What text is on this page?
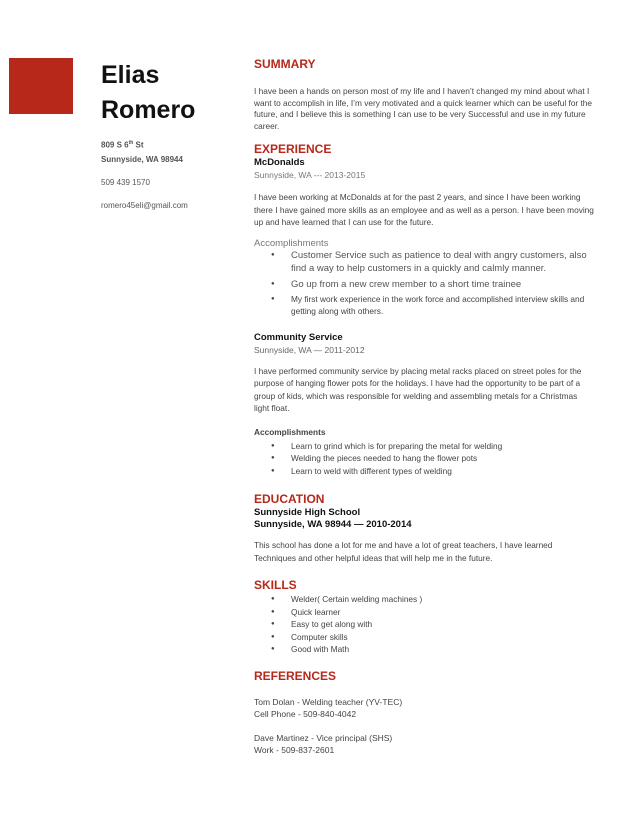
Elias
Romero
809 S 6th St
Sunnyside, WA 98944
509 439 1570
romero45eli@gmail.com
SUMMARY

I have been a hands on person most of my life and I haven’t changed my mind about what I want to accomplish in life, I’m very motivated and a quick learner which can be useful for the future, and I believe this is something I can use to be very Successful and use in my future career.

EXPERIENCE
McDonalds
Sunnyside, WA --- 2013-2015

I have been working at McDonalds at for the past 2 years, and since I have been working there I have gained more skills as an employee and as well as a person. I have been moving up and have learned that I can use for the future.

Accomplishments
● Customer Service such as patience to deal with angry customers, also find a way to help customers in a quickly and calmly manner.
● Go up from a new crew member to a short time trainee
● My first work experience in the work force and accomplished interview skills and getting along with others.
Community Service
Sunnyside, WA — 2011-2012

I have performed community service by placing metal racks placed on street poles for the purpose of hanging flower pots for the holidays. I have had the opportunity to be part of a group of kids, which was responsible for welding and assembling metals for a Christmas light float.

Accomplishments
● Learn to grind which is for preparing the metal for welding
● Welding the pieces needed to hang the flower pots
● Learn to weld with different types of welding
EDUCATION
Sunnyside High School
Sunnyside, WA 98944 — 2010-2014

This school has done a lot for me and have a lot of great teachers, I have learned Techniques and other helpful ideas that will help me in the future.

SKILLS
● Welder( Certain welding machines )
● Quick learner
● Easy to get along with
● Computer skills
● Good with Math
REFERENCES
Tom Dolan - Welding teacher (YV-TEC)
Cell Phone - 509-840-4042
Dave Martinez - Vice principal (SHS)
Work - 509-837-2601
